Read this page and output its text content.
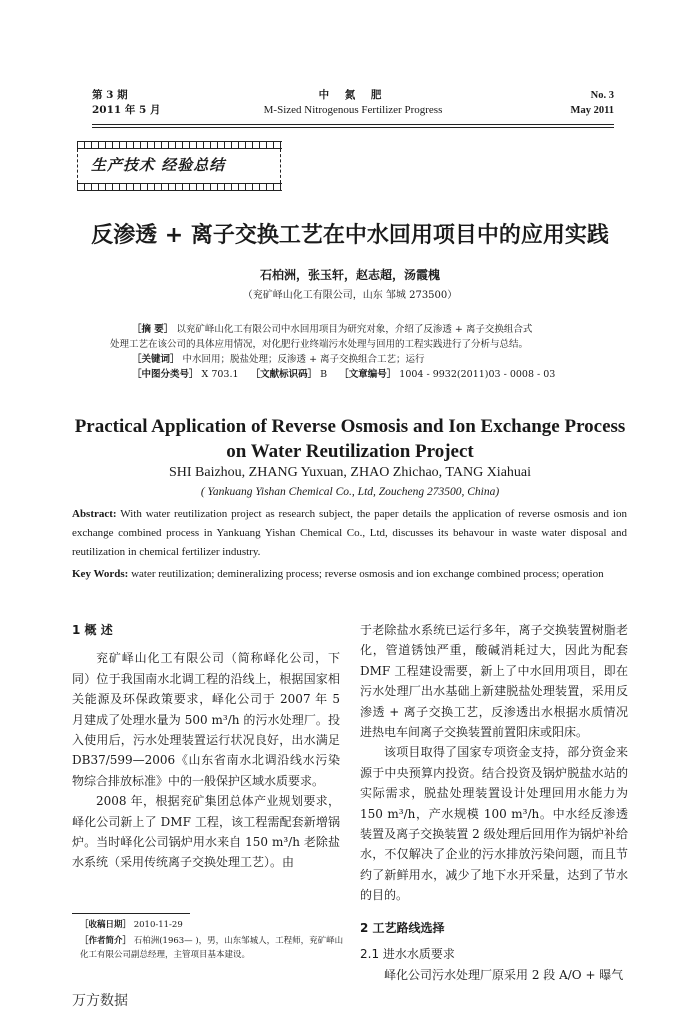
第 3 期
2011 年 5 月
中 氮 肥
M-Sized Nitrogenous Fertilizer Progress
No. 3
May 2011
生产技术 经验总结
反渗透 + 离子交换工艺在中水回用项目中的应用实践
石柏洲，张玉轩，赵志超，汤霞槐
（兖矿峄山化工有限公司，山东 邹城 273500）
［摘 要］ 以兖矿峄山化工有限公司中水回用项目为研究对象，介绍了反渗透 + 离子交换组合式
处理工艺在该公司的具体应用情况，对化肥行业终端污水处理与回用的工程实践进行了分析与总结。
［关键词］ 中水回用；脱盐处理；反渗透 + 离子交换组合工艺；运行
［中图分类号］ X 703.1 ［文献标识码］ B ［文章编号］ 1004 - 9932(2011)03 - 0008 - 03
Practical Application of Reverse Osmosis and Ion Exchange Process
on Water Reutilization Project
SHI Baizhou, ZHANG Yuxuan, ZHAO Zhichao, TANG Xiahuai
( Yankuang Yishan Chemical Co., Ltd, Zoucheng 273500, China)
Abstract: With water reutilization project as research subject, the paper details the application of reverse osmosis and ion exchange combined process in Yankuang Yishan Chemical Co., Ltd, discusses its behavour in waste water disposal and reutilization in chemical fertilizer industry.
Key Words: water reutilization; demineralizing process; reverse osmosis and ion exchange combined process; operation

1 概 述

兖矿峄山化工有限公司（简称峄化公司，下同）位于我国南水北调工程的沿线上，根据国家相关能源及环保政策要求，峄化公司于 2007 年 5 月建成了处理水量为 500 m³/h 的污水处理厂。投入使用后，污水处理装置运行状况良好，出水满足 DB37/599—2006《山东省南水北调沿线水污染物综合排放标准》中的一般保护区域水质要求。

2008 年，根据兖矿集团总体产业规划要求，峄化公司新上了 DMF 工程，该工程需配套新增锅炉。当时峄化公司锅炉用水来自 150 m³/h 老除盐水系统（采用传统离子交换处理工艺）。由

于老除盐水系统已运行多年，离子交换装置树脂老化，管道锈蚀严重，酸碱消耗过大，因此为配套 DMF 工程建设需要，新上了中水回用项目，即在污水处理厂出水基础上新建脱盐处理装置，采用反渗透 + 离子交换工艺，反渗透出水根据水质情况进热电车间离子交换装置前置阳床或阳床。

该项目取得了国家专项资金支持，部分资金来源于中央预算内投资。结合投资及锅炉脱盐水站的实际需求，脱盐处理装置设计处理回用水能力为 150 m³/h，产水规模 100 m³/h。中水经反渗透装置及离子交换装置 2 级处理后回用作为锅炉补给水，不仅解决了企业的污水排放污染问题，而且节约了新鲜用水，减少了地下水开采量，达到了节水的目的。

2 工艺路线选择

2.1 进水水质要求

峄化公司污水处理厂原采用 2 段 A/O + 曝气

［收稿日期］ 2010-11-29
［作者简介］ 石柏洲(1963— )，男，山东邹城人，工程师，兖矿峄山化工有限公司副总经理，主管项目基本建设。
万方数据
